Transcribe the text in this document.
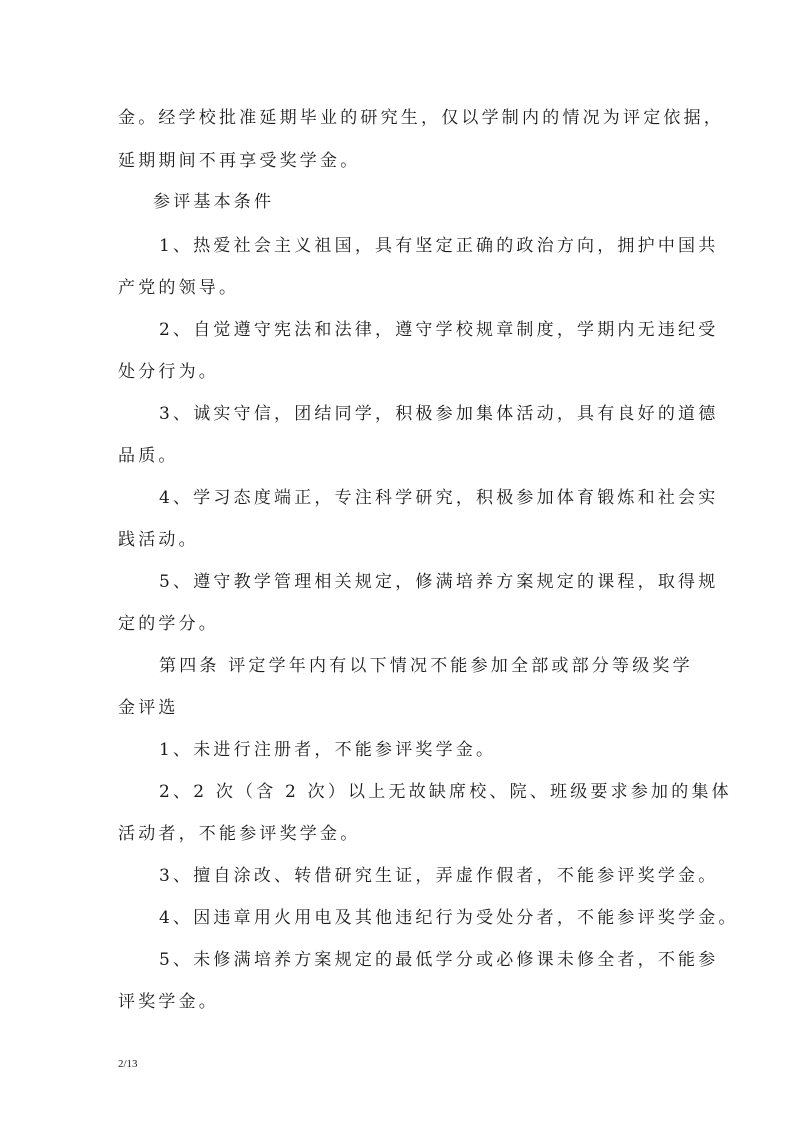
金。经学校批准延期毕业的研究生，仅以学制内的情况为评定依据，

延期期间不再享受奖学金。

参评基本条件

1、热爱社会主义祖国，具有坚定正确的政治方向，拥护中国共

产党的领导。

2、自觉遵守宪法和法律，遵守学校规章制度，学期内无违纪受

处分行为。

3、诚实守信，团结同学，积极参加集体活动，具有良好的道德

品质。

4、学习态度端正，专注科学研究，积极参加体育锻炼和社会实

践活动。

5、遵守教学管理相关规定，修满培养方案规定的课程，取得规

定的学分。

第四条 评定学年内有以下情况不能参加全部或部分等级奖学

金评选

1、未进行注册者，不能参评奖学金。

2、2 次（含 2 次）以上无故缺席校、院、班级要求参加的集体

活动者，不能参评奖学金。

3、擅自涂改、转借研究生证，弄虚作假者，不能参评奖学金。

4、因违章用火用电及其他违纪行为受处分者，不能参评奖学金。

5、未修满培养方案规定的最低学分或必修课未修全者，不能参

评奖学金。

2/13
